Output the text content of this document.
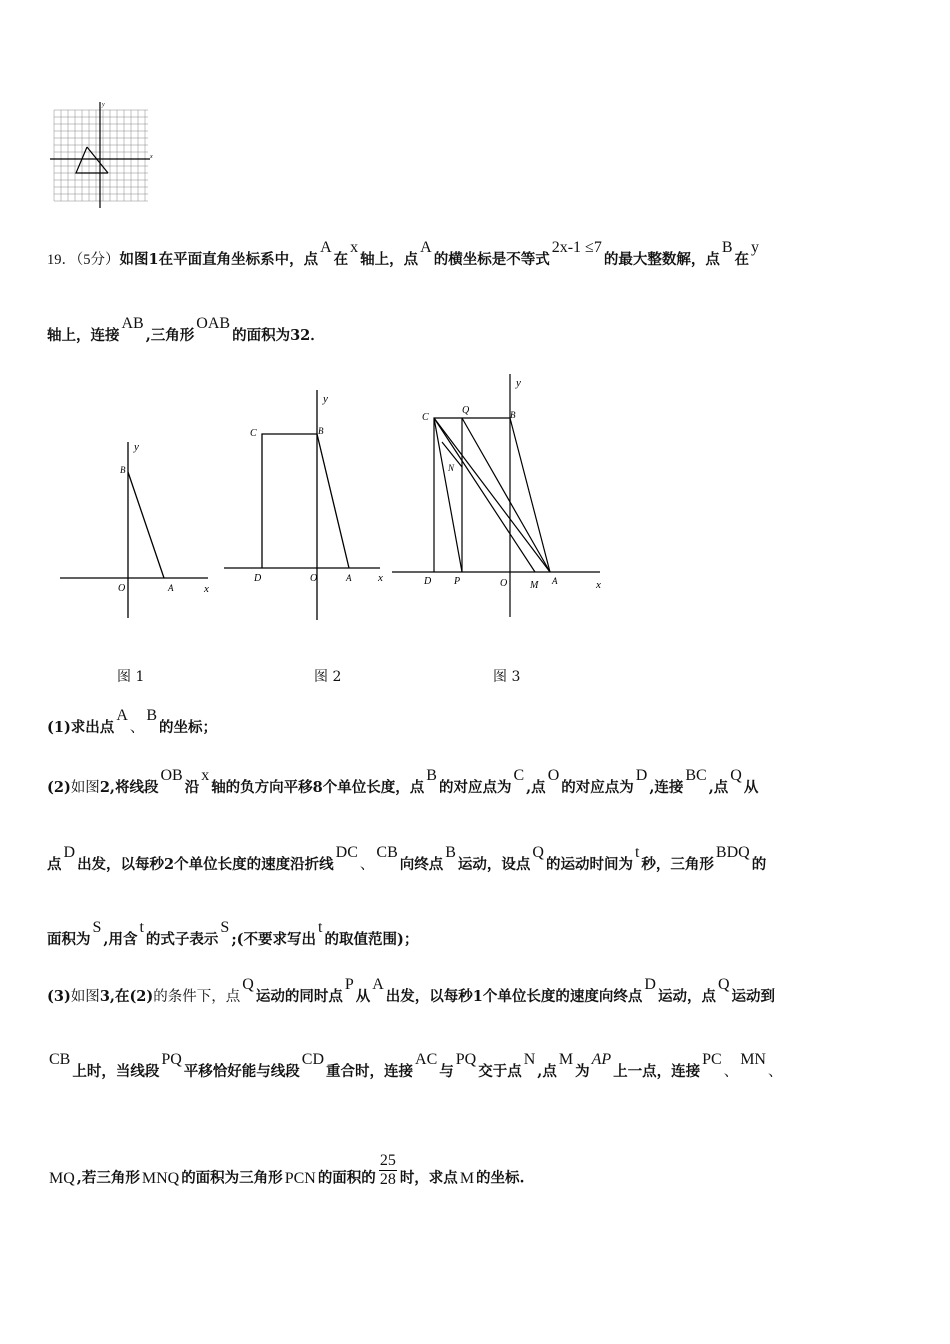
x
y
19．（5分）如图1在平面直角坐标系中，点A在x轴上，点A的横坐标是不等式2x-1 ≤7的最大整数解，点B在y
轴上，连接AB,三角形OAB的面积为32．
y
B
O	A	x
y
C	B
D	O	A x
y
C
Q	B
N
D P	O M A	x
图 1	图 2	图 3
(1)求出点A、B的坐标；
(2)如图2,将线段OB沿x轴的负方向平移8个单位长度，点B的对应点为C,点O的对应点为D,连接BC,点Q从
点D出发，以每秒2个单位长度的速度沿折线DC、CB向终点B运动，设点Q的运动时间为t秒，三角形BDQ的
面积为S,用含t的式子表示S;(不要求写出t的取值范围)；
(3)如图3,在(2)的条件下，点Q运动的同时点P从A出发，以每秒1个单位长度的速度向终点D运动，点Q运动到
CB上时，当线段PQ平移恰好能与线段CD重合时，连接AC与PQ交于点N,点M为AP上一点，连接PC、MN、
MQ ,若三角形 MNQ 的面积为三角形 PCN 的面积的 $\frac{25}{28}$ 时，求点 M 的坐标.
